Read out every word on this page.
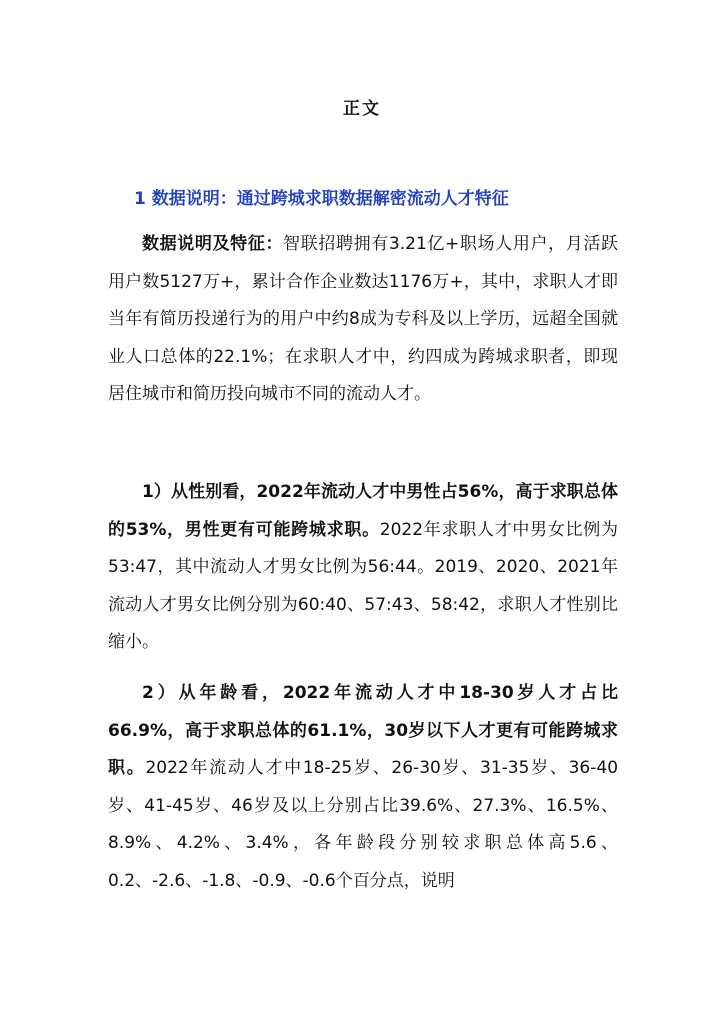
正文
1 数据说明：通过跨城求职数据解密流动人才特征

数据说明及特征：智联招聘拥有3.21亿+职场人用户，月活跃用户数5127万+，累计合作企业数达1176万+，其中，求职人才即当年有简历投递行为的用户中约8成为专科及以上学历，远超全国就业人口总体的22.1%；在求职人才中，约四成为跨城求职者，即现居住城市和简历投向城市不同的流动人才。

1）从性别看，2022年流动人才中男性占56%，高于求职总体的53%，男性更有可能跨城求职。2022年求职人才中男女比例为53:47，其中流动人才男女比例为56:44。2019、2020、2021年流动人才男女比例分别为60:40、57:43、58:42，求职人才性别比缩小。

2）从年龄看，2022年流动人才中18-30岁人才占比66.9%，高于求职总体的61.1%，30岁以下人才更有可能跨城求职。2022年流动人才中18-25岁、26-30岁、31-35岁、36-40岁、41-45岁、46岁及以上分别占比39.6%、27.3%、16.5%、8.9%、4.2%、3.4%，各年龄段分别较求职总体高5.6、0.2、-2.6、-1.8、-0.9、-0.6个百分点，说明
